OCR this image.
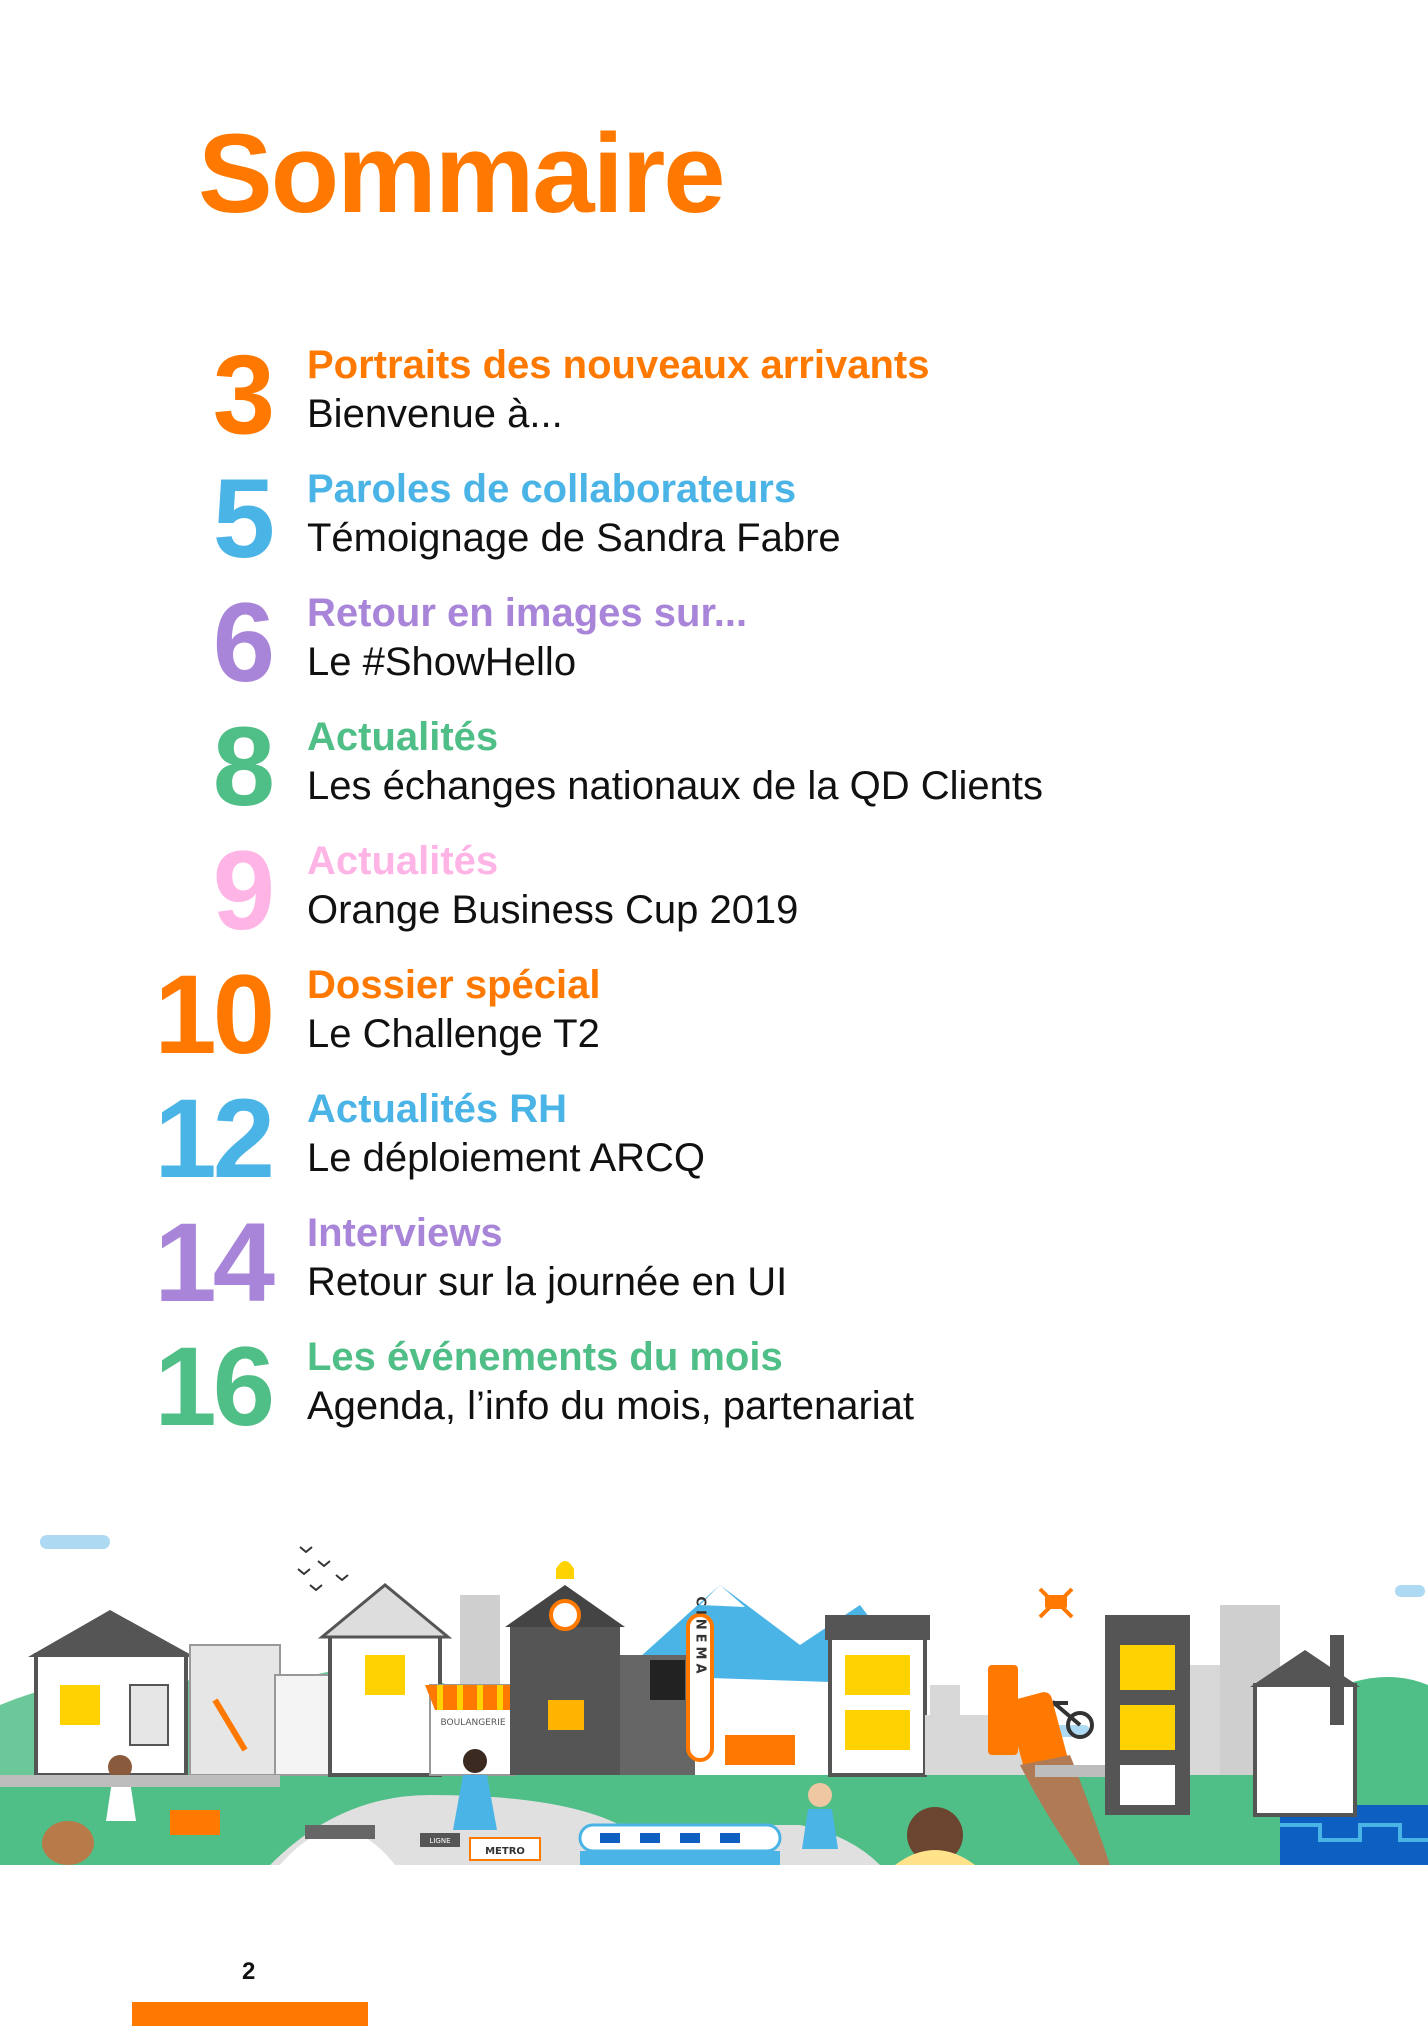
Sommaire
3 Portraits des nouveaux arrivants
Bienvenue à...
5 Paroles de collaborateurs
Témoignage de Sandra Fabre
6 Retour en images sur...
Le #ShowHello
8 Actualités
Les échanges nationaux de la QD Clients
9 Actualités
Orange Business Cup 2019
10 Dossier spécial
Le Challenge T2
12 Actualités RH
Le déploiement ARCQ
14 Interviews
Retour sur la journée en UI
16 Les événements du mois
Agenda, l’info du mois, partenariat
BOULANGERIE
CINEMA
METRO
LIGNE
2
